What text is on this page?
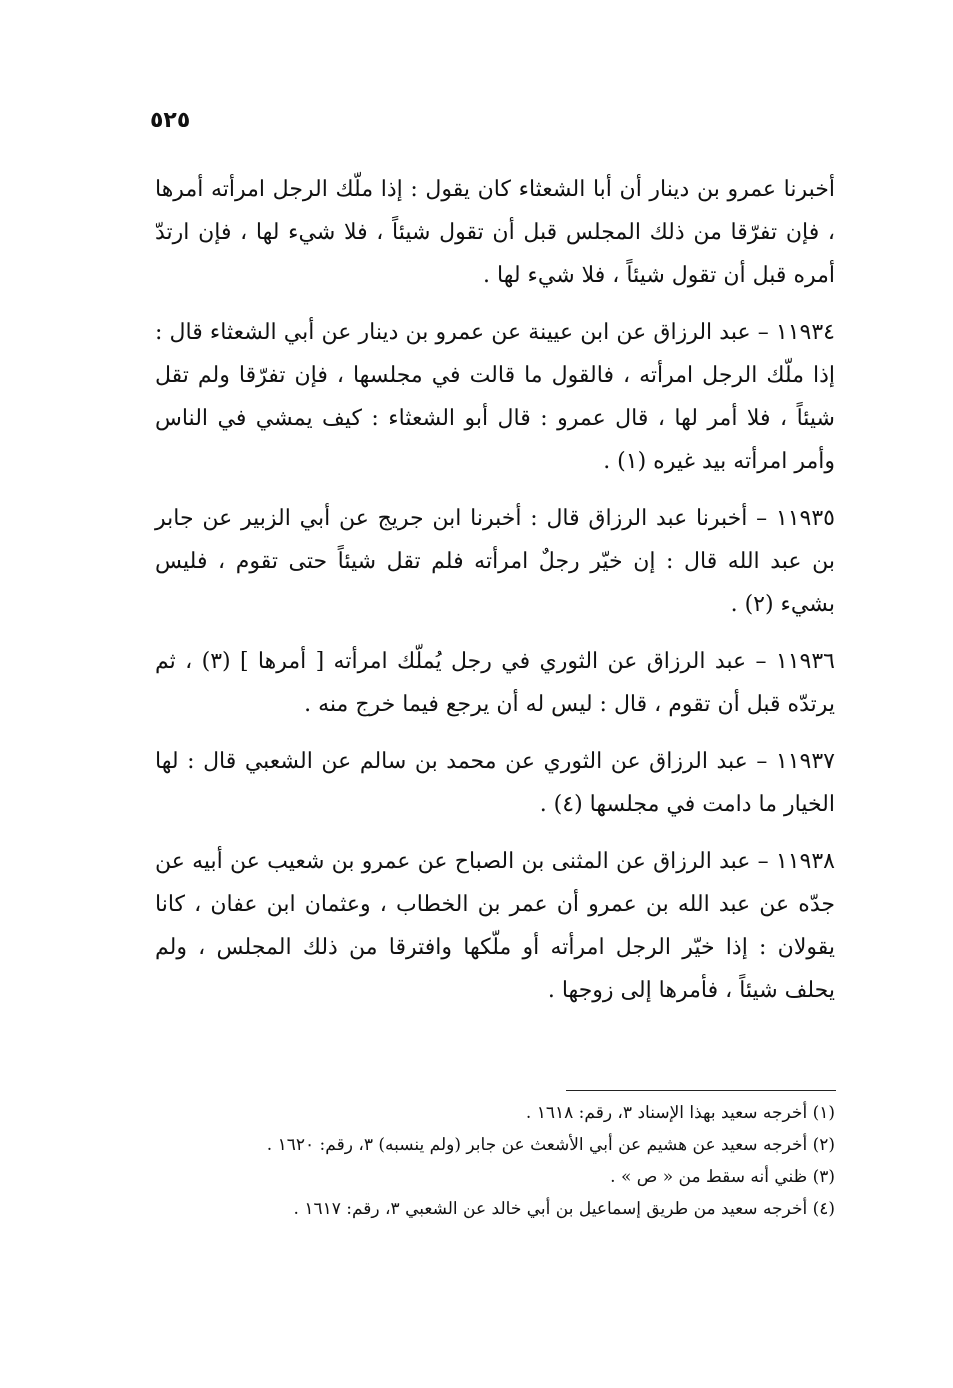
٥٢٥

أخبرنا عمرو بن دينار أن أبا الشعثاء كان يقول : إذا ملّك الرجل امرأته أمرها ، فإن تفرّقا من ذلك المجلس قبل أن تقول شيئاً ، فلا شيء لها ، فإن ارتدّ أمره قبل أن تقول شيئاً ، فلا شيء لها .

١١٩٣٤ – عبد الرزاق عن ابن عيينة عن عمرو بن دينار عن أبي الشعثاء قال : إذا ملّك الرجل امرأته ، فالقول ما قالت في مجلسها ، فإن تفرّقا ولم تقل شيئاً ، فلا أمر لها ، قال عمرو : قال أبو الشعثاء : كيف يمشي في الناس وأمر امرأته بيد غيره (١) .

١١٩٣٥ – أخبرنا عبد الرزاق قال : أخبرنا ابن جريج عن أبي الزبير عن جابر بن عبد الله قال : إن خيّر رجلٌ امرأته فلم تقل شيئاً حتى تقوم ، فليس بشيء (٢) .

١١٩٣٦ – عبد الرزاق عن الثوري في رجل يُملّك امرأته [ أمرها ] (٣) ، ثم يرتدّه قبل أن تقوم ، قال : ليس له أن يرجع فيما خرج منه .

١١٩٣٧ – عبد الرزاق عن الثوري عن محمد بن سالم عن الشعبي قال : لها الخيار ما دامت في مجلسها (٤) .

١١٩٣٨ – عبد الرزاق عن المثنى بن الصباح عن عمرو بن شعيب عن أبيه عن جدّه عن عبد الله بن عمرو أن عمر بن الخطاب ، وعثمان ابن عفان ، كانا يقولان : إذا خيّر الرجل امرأته أو ملّكها وافترقا من ذلك المجلس ، ولم يحلف شيئاً ، فأمرها إلى زوجها .

(١) أخرجه سعيد بهذا الإسناد ٣، رقم: ١٦١٨ .

(٢) أخرجه سعيد عن هشيم عن أبي الأشعث عن جابر (ولم ينسبه) ٣، رقم: ١٦٢٠ .

(٣) ظني أنه سقط من « ص » .

(٤) أخرجه سعيد من طريق إسماعيل بن أبي خالد عن الشعبي ٣، رقم: ١٦١٧ .
